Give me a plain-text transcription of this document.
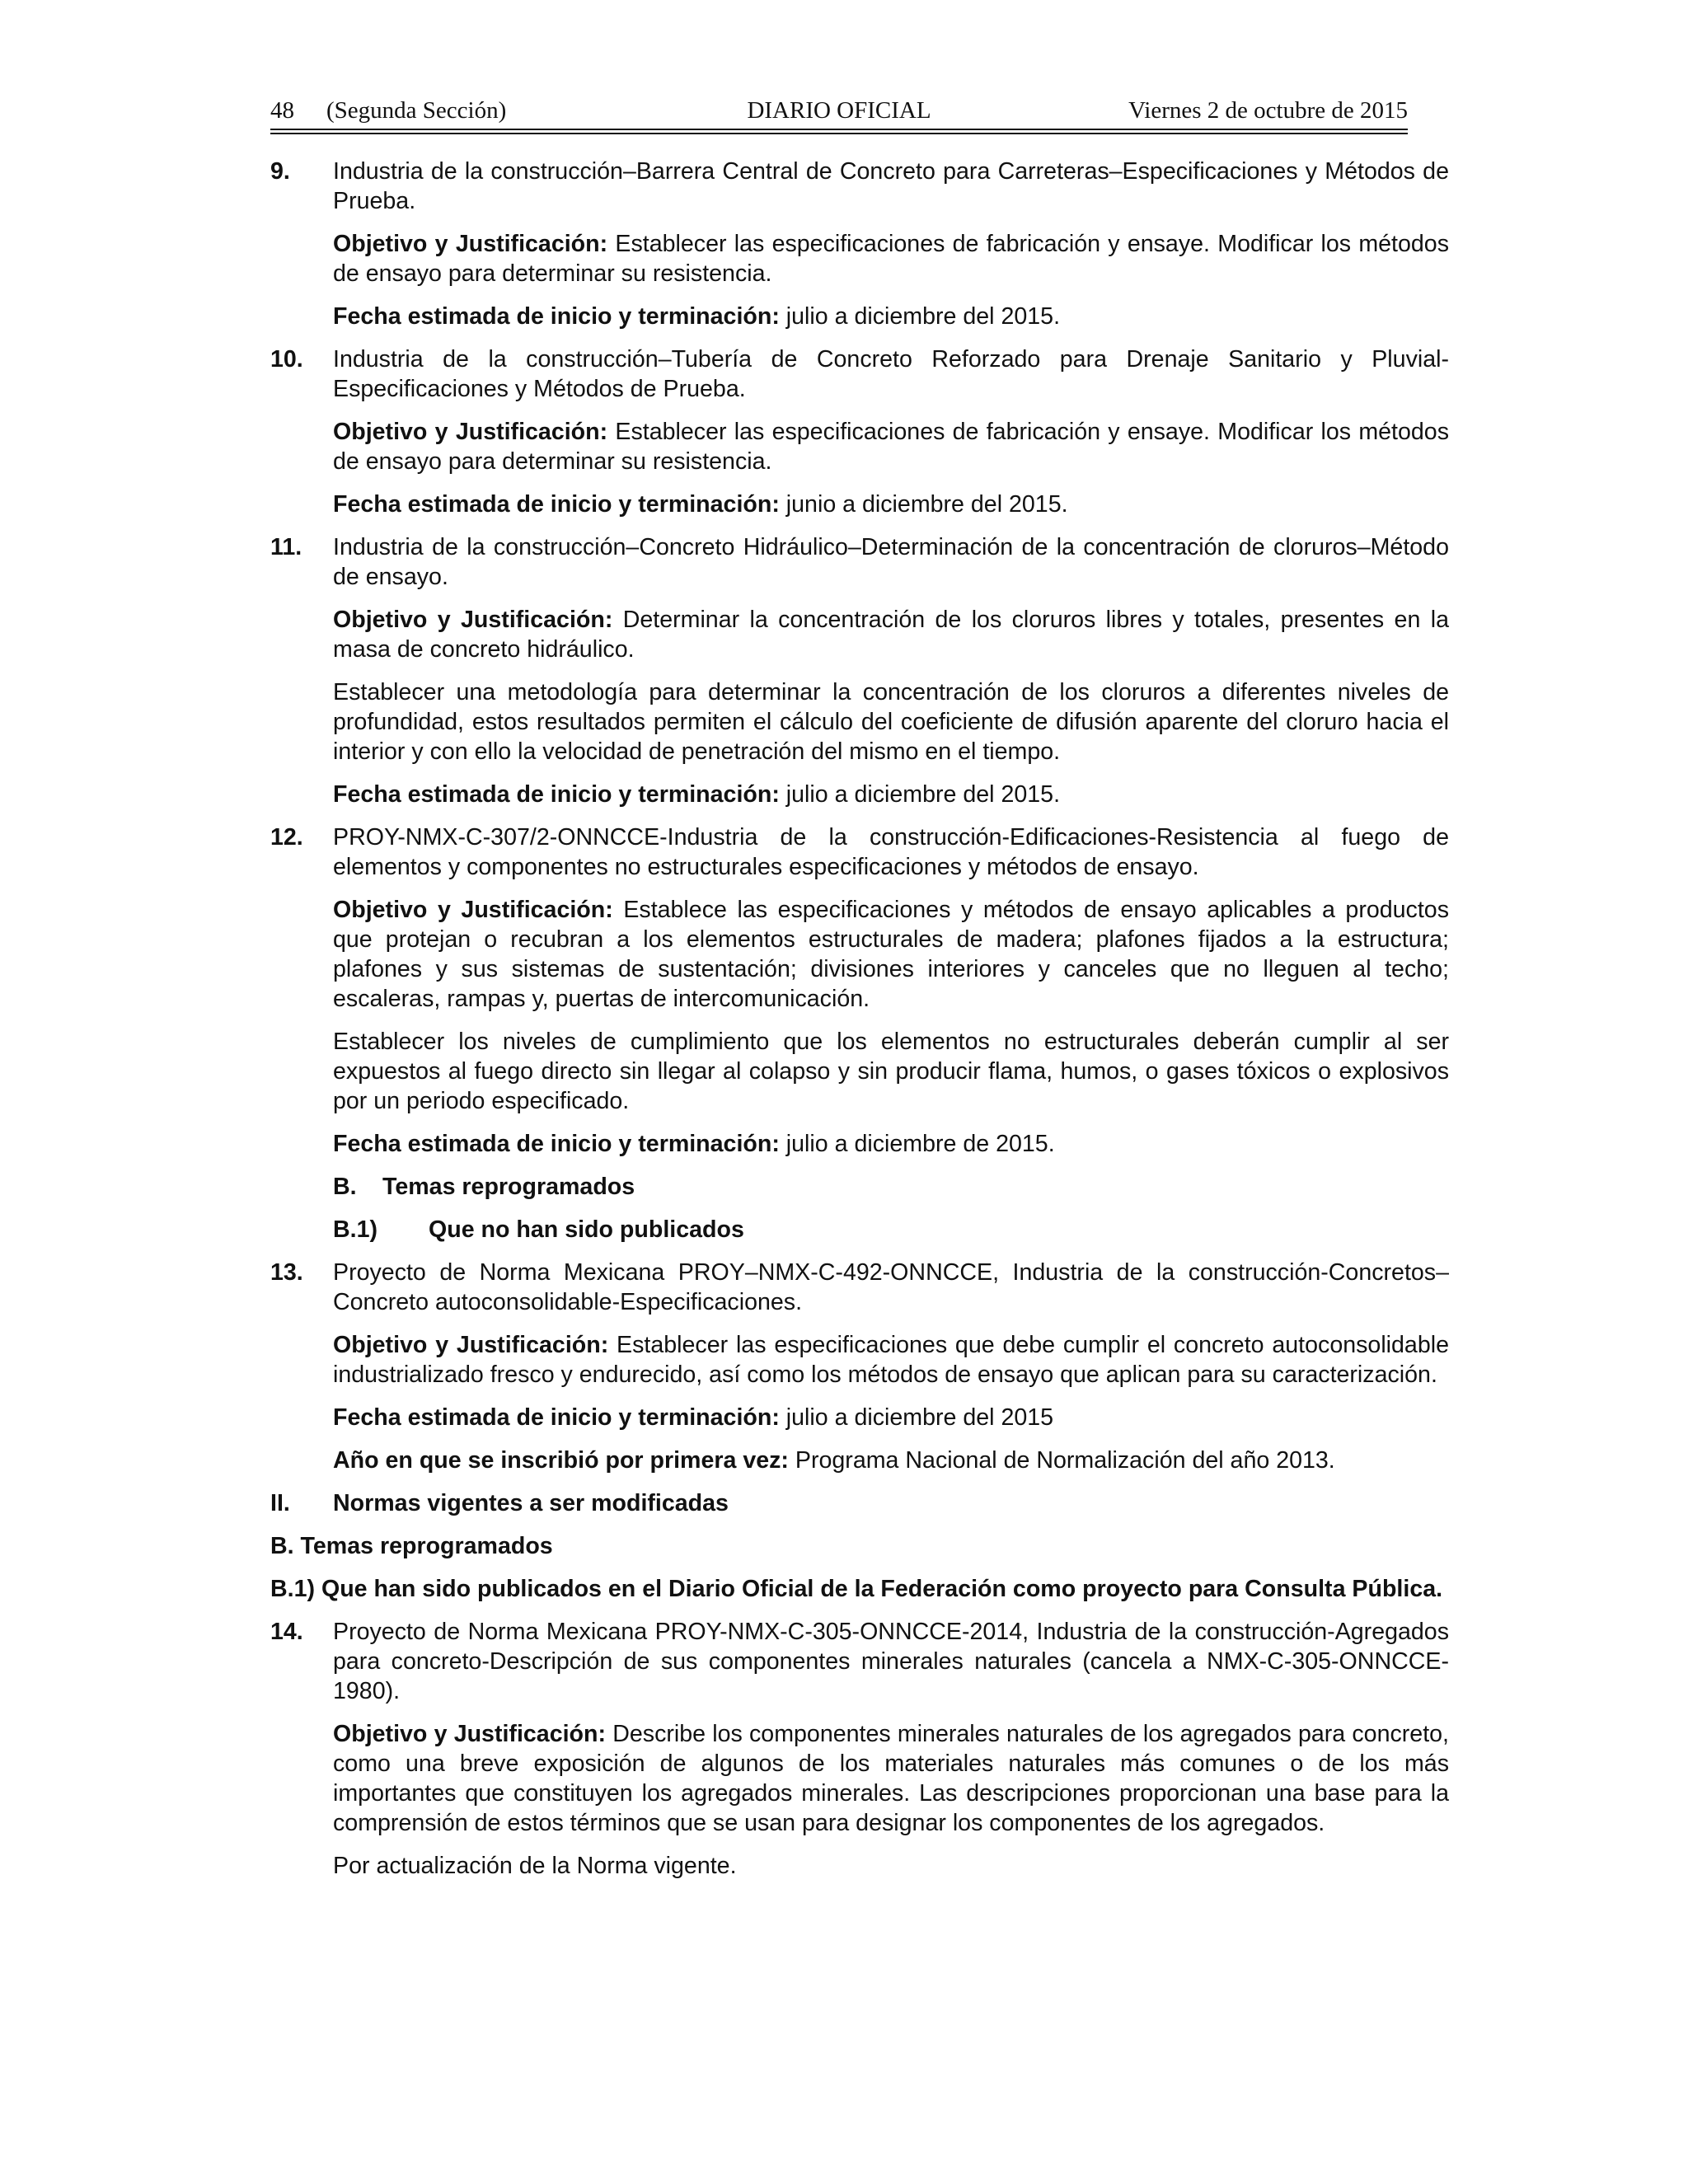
DIARIO OFICIAL
48 (Segunda Sección)	Viernes 2 de octubre de 2015
9. Industria de la construcción–Barrera Central de Concreto para Carreteras–Especificaciones y Métodos de Prueba.
Objetivo y Justificación: Establecer las especificaciones de fabricación y ensaye. Modificar los métodos de ensayo para determinar su resistencia.
Fecha estimada de inicio y terminación: julio a diciembre del 2015.
10. Industria de la construcción–Tubería de Concreto Reforzado para Drenaje Sanitario y Pluvial-Especificaciones y Métodos de Prueba.
Objetivo y Justificación: Establecer las especificaciones de fabricación y ensaye. Modificar los métodos de ensayo para determinar su resistencia.
Fecha estimada de inicio y terminación: junio a diciembre del 2015.
11. Industria de la construcción–Concreto Hidráulico–Determinación de la concentración de cloruros–Método de ensayo.
Objetivo y Justificación: Determinar la concentración de los cloruros libres y totales, presentes en la masa de concreto hidráulico.
Establecer una metodología para determinar la concentración de los cloruros a diferentes niveles de profundidad, estos resultados permiten el cálculo del coeficiente de difusión aparente del cloruro hacia el interior y con ello la velocidad de penetración del mismo en el tiempo.
Fecha estimada de inicio y terminación: julio a diciembre del 2015.
12. PROY-NMX-C-307/2-ONNCCE-Industria de la construcción-Edificaciones-Resistencia al fuego de elementos y componentes no estructurales especificaciones y métodos de ensayo.
Objetivo y Justificación: Establece las especificaciones y métodos de ensayo aplicables a productos que protejan o recubran a los elementos estructurales de madera; plafones fijados a la estructura; plafones y sus sistemas de sustentación; divisiones interiores y canceles que no lleguen al techo; escaleras, rampas y, puertas de intercomunicación.
Establecer los niveles de cumplimiento que los elementos no estructurales deberán cumplir al ser expuestos al fuego directo sin llegar al colapso y sin producir flama, humos, o gases tóxicos o explosivos por un periodo especificado.
Fecha estimada de inicio y terminación: julio a diciembre de 2015.
B. Temas reprogramados
B.1) Que no han sido publicados
13. Proyecto de Norma Mexicana PROY–NMX-C-492-ONNCCE, Industria de la construcción-Concretos–Concreto autoconsolidable-Especificaciones.
Objetivo y Justificación: Establecer las especificaciones que debe cumplir el concreto autoconsolidable industrializado fresco y endurecido, así como los métodos de ensayo que aplican para su caracterización.
Fecha estimada de inicio y terminación: julio a diciembre del 2015
Año en que se inscribió por primera vez: Programa Nacional de Normalización del año 2013.
II. Normas vigentes a ser modificadas
B. Temas reprogramados
B.1) Que han sido publicados en el Diario Oficial de la Federación como proyecto para Consulta Pública.
14. Proyecto de Norma Mexicana PROY-NMX-C-305-ONNCCE-2014, Industria de la construcción-Agregados para concreto-Descripción de sus componentes minerales naturales (cancela a NMX-C-305-ONNCCE-1980).
Objetivo y Justificación: Describe los componentes minerales naturales de los agregados para concreto, como una breve exposición de algunos de los materiales naturales más comunes o de los más importantes que constituyen los agregados minerales. Las descripciones proporcionan una base para la comprensión de estos términos que se usan para designar los componentes de los agregados.
Por actualización de la Norma vigente.
